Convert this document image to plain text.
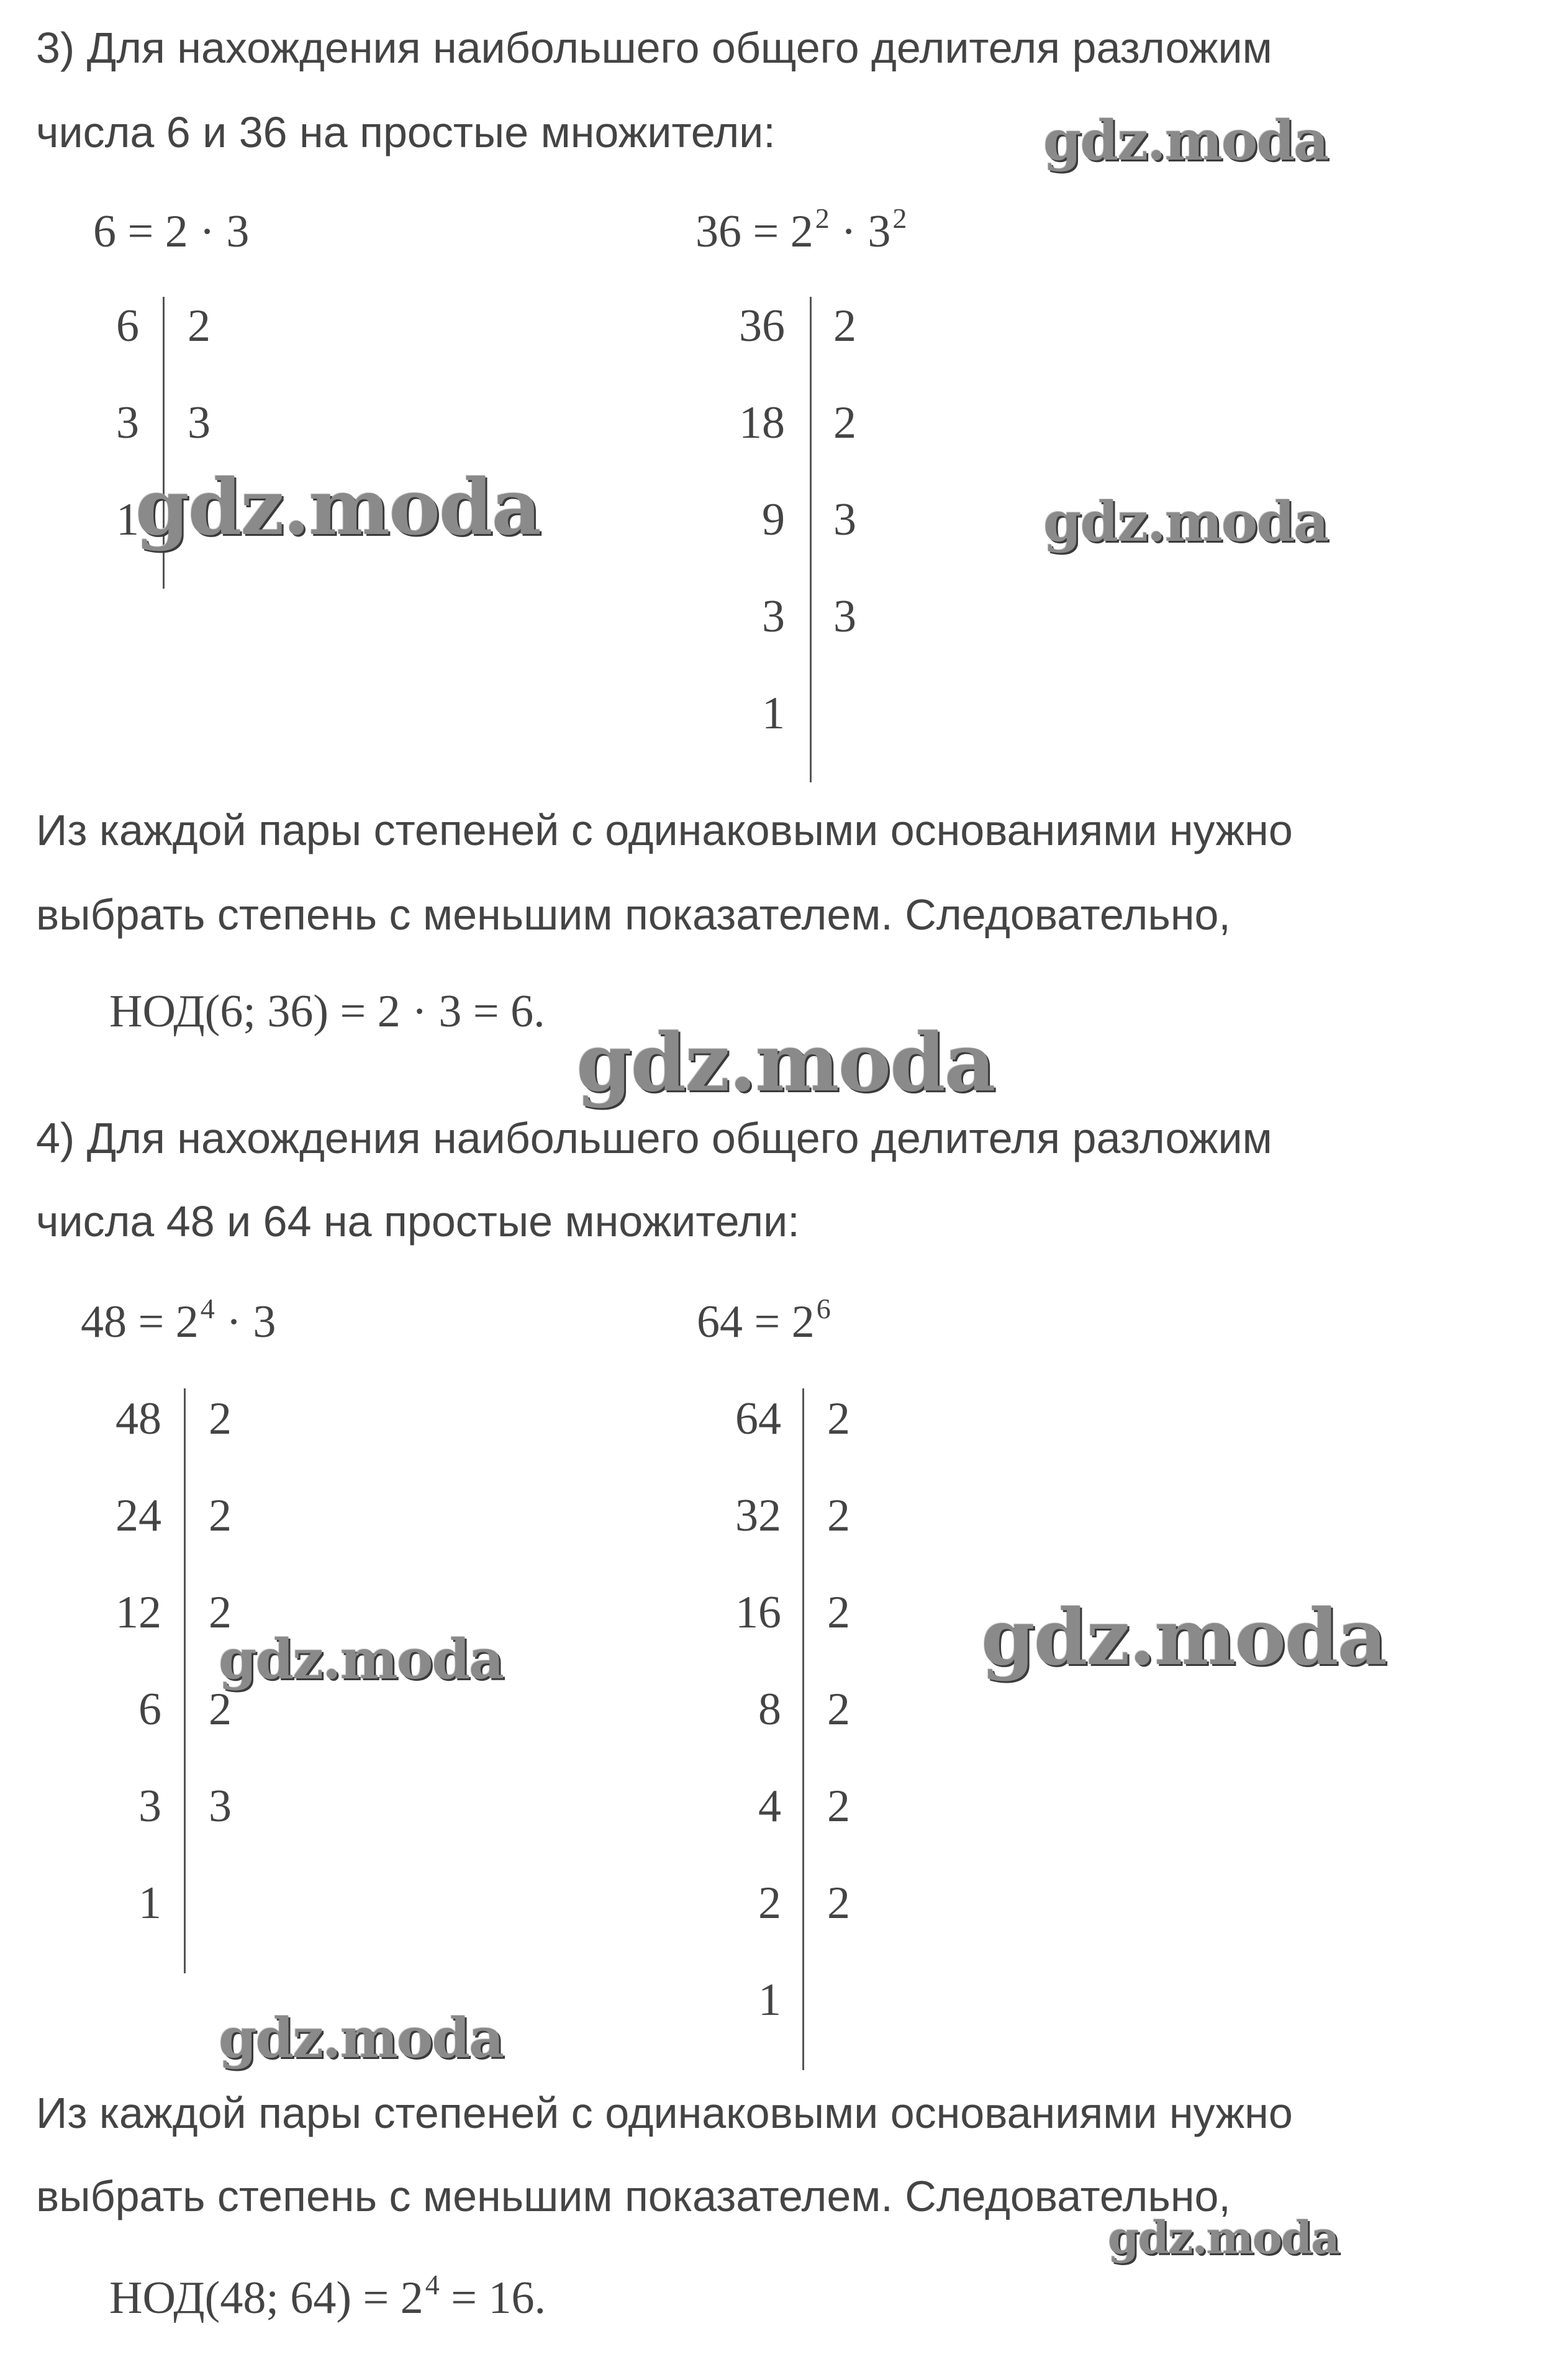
3) Для нахождения наибольшего общего делителя разложим
числа 6 и 36 на простые множители:
6 = 2 · 3	$36 = 2^2 \cdot 3^2$
6 2
3 3
1
36 2
18 2
9 3
3 3
1
Из каждой пары степеней с одинаковыми основаниями нужно
выбрать степень с меньшим показателем. Следовательно,
НОД(6; 36) = 2 · 3 = 6.
4) Для нахождения наибольшего общего делителя разложим
числа 48 и 64 на простые множители:
$48 = 2^4 \cdot 3$	$64 = 2^6$
48 2
24 2
12 2
6 2
3 3
1
64 2
32 2
16 2
8 2
4 2
2 2
1
Из каждой пары степеней с одинаковыми основаниями нужно
выбрать степень с меньшим показателем. Следовательно,
НОД(48; $64) = 2^4 = 16$.
gdz.moda
gdz.moda	gdz.moda
gdz.moda
gdz.moda
gdz.moda
gdz.moda
gdz.moda
